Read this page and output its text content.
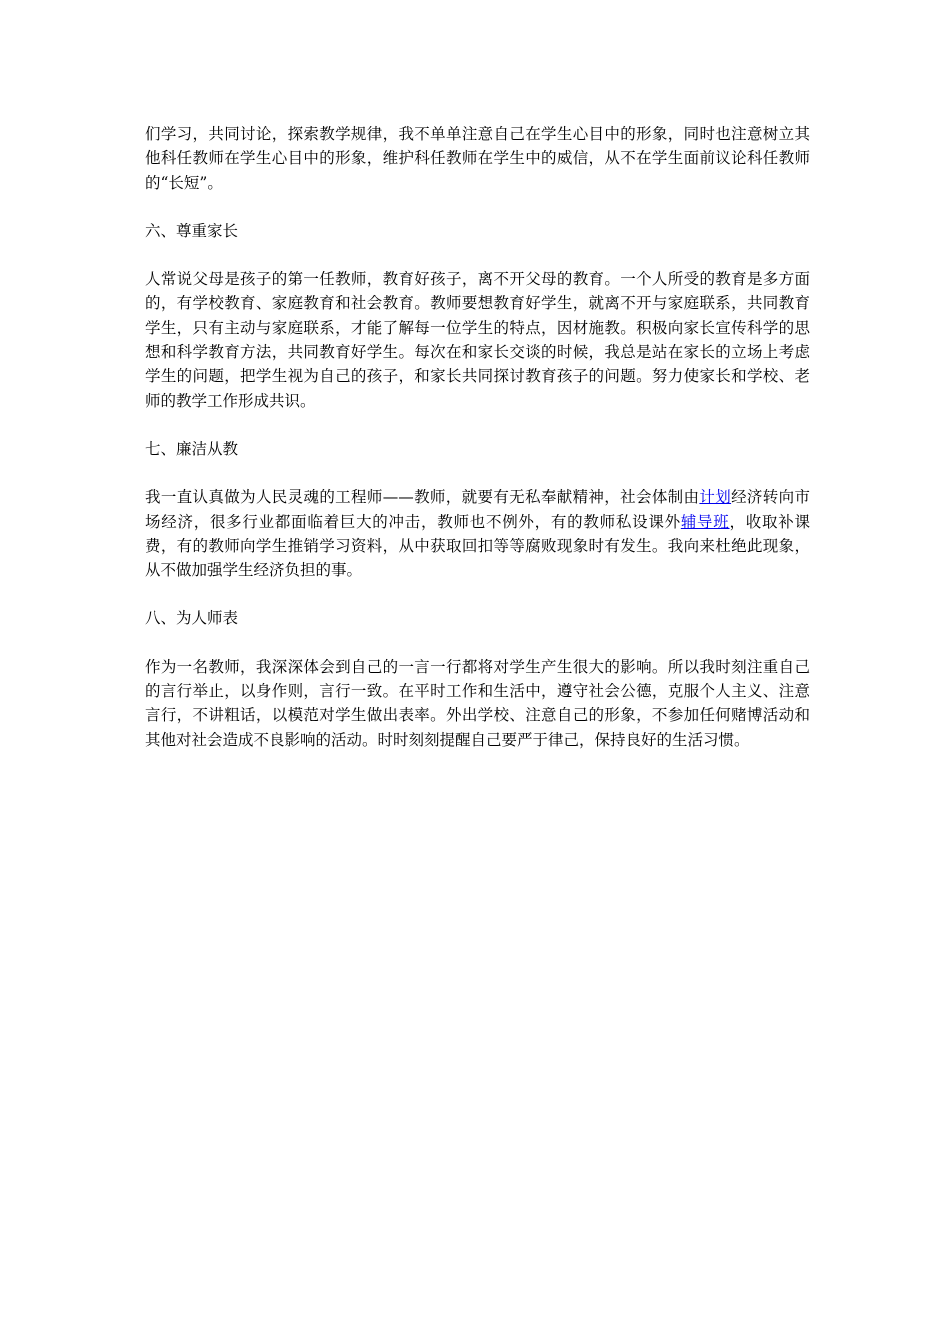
们学习，共同讨论，探索教学规律，我不单单注意自己在学生心目中的形象，同时也注意树立其他科任教师在学生心目中的形象，维护科任教师在学生中的威信，从不在学生面前议论科任教师的“长短”。

六、尊重家长

人常说父母是孩子的第一任教师，教育好孩子，离不开父母的教育。一个人所受的教育是多方面的，有学校教育、家庭教育和社会教育。教师要想教育好学生，就离不开与家庭联系，共同教育学生，只有主动与家庭联系，才能了解每一位学生的特点，因材施教。积极向家长宣传科学的思想和科学教育方法，共同教育好学生。每次在和家长交谈的时候，我总是站在家长的立场上考虑学生的问题，把学生视为自己的孩子，和家长共同探讨教育孩子的问题。努力使家长和学校、老师的教学工作形成共识。

七、廉洁从教

我一直认真做为人民灵魂的工程师——教师，就要有无私奉献精神，社会体制由计划经济转向市场经济，很多行业都面临着巨大的冲击，教师也不例外，有的教师私设课外辅导班，收取补课费，有的教师向学生推销学习资料，从中获取回扣等等腐败现象时有发生。我向来杜绝此现象，从不做加强学生经济负担的事。

八、为人师表

作为一名教师，我深深体会到自己的一言一行都将对学生产生很大的影响。所以我时刻注重自己的言行举止，以身作则，言行一致。在平时工作和生活中，遵守社会公德，克服个人主义、注意言行，不讲粗话，以模范对学生做出表率。外出学校、注意自己的形象，不参加任何赌博活动和其他对社会造成不良影响的活动。时时刻刻提醒自己要严于律己，保持良好的生活习惯。
